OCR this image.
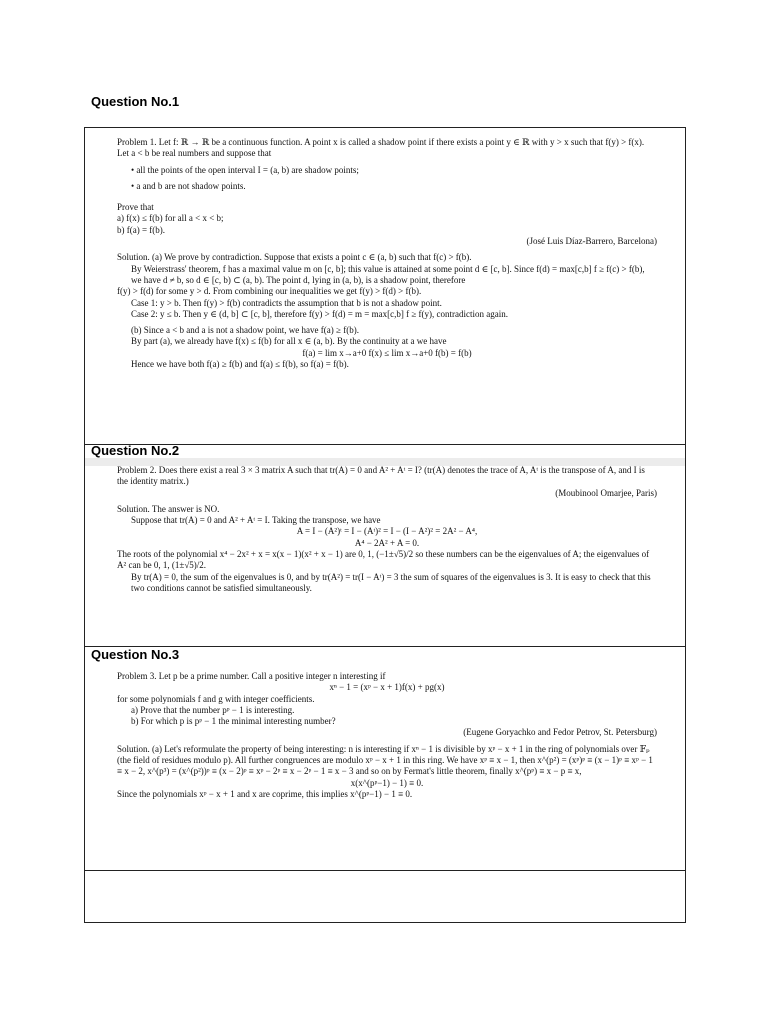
Question No.1

Problem 1. Let f: ℝ → ℝ be a continuous function. A point x is called a shadow point if there exists a point y ∈ ℝ with y > x such that f(y) > f(x). Let a < b be real numbers and suppose that

• all the points of the open interval I = (a, b) are shadow points;

• a and b are not shadow points.

Prove that

a) f(x) ≤ f(b) for all a < x < b;

b) f(a) = f(b).

(José Luis Díaz-Barrero, Barcelona)

Solution. (a) We prove by contradiction. Suppose that exists a point c ∈ (a, b) such that f(c) > f(b).

By Weierstrass' theorem, f has a maximal value m on [c, b]; this value is attained at some point d ∈ [c, b]. Since f(d) = max[c,b] f ≥ f(c) > f(b), we have d ≠ b, so d ∈ [c, b) ⊂ (a, b). The point d, lying in (a, b), is a shadow point, therefore

f(y) > f(d) for some y > d. From combining our inequalities we get f(y) > f(d) > f(b).

Case 1: y > b. Then f(y) > f(b) contradicts the assumption that b is not a shadow point.

Case 2: y ≤ b. Then y ∈ (d, b] ⊂ [c, b], therefore f(y) > f(d) = m = max[c,b] f ≥ f(y), contradiction again.

(b) Since a < b and a is not a shadow point, we have f(a) ≥ f(b).

By part (a), we already have f(x) ≤ f(b) for all x ∈ (a, b). By the continuity at a we have

f(a) = lim x→a+0 f(x) ≤ lim x→a+0 f(b) = f(b)

Hence we have both f(a) ≥ f(b) and f(a) ≤ f(b), so f(a) = f(b).

Question No.2

Problem 2. Does there exist a real 3 × 3 matrix A such that tr(A) = 0 and A² + Aᵗ = I? (tr(A) denotes the trace of A, Aᵗ is the transpose of A, and I is the identity matrix.)

(Moubinool Omarjee, Paris)

Solution. The answer is NO.

Suppose that tr(A) = 0 and A² + Aᵗ = I. Taking the transpose, we have

A = I − (A²)ᵗ = I − (Aᵗ)² = I − (I − A²)² = 2A² − A⁴,

A⁴ − 2A² + A = 0.

The roots of the polynomial x⁴ − 2x² + x = x(x − 1)(x² + x − 1) are 0, 1, (−1±√5)/2 so these numbers can be the eigenvalues of A; the eigenvalues of A² can be 0, 1, (1±√5)/2.

By tr(A) = 0, the sum of the eigenvalues is 0, and by tr(A²) = tr(I − Aᵗ) = 3 the sum of squares of the eigenvalues is 3. It is easy to check that this two conditions cannot be satisfied simultaneously.

Question No.3

Problem 3. Let p be a prime number. Call a positive integer n interesting if

xⁿ − 1 = (xᵖ − x + 1)f(x) + pg(x)

for some polynomials f and g with integer coefficients.

a) Prove that the number pᵖ − 1 is interesting.

b) For which p is pᵖ − 1 the minimal interesting number?

(Eugene Goryachko and Fedor Petrov, St. Petersburg)

Solution. (a) Let's reformulate the property of being interesting: n is interesting if xⁿ − 1 is divisible by xᵖ − x + 1 in the ring of polynomials over 𝔽ₚ (the field of residues modulo p). All further congruences are modulo xᵖ − x + 1 in this ring. We have xᵖ ≡ x − 1, then x^(p²) = (xᵖ)ᵖ ≡ (x − 1)ᵖ ≡ xᵖ − 1 ≡ x − 2, x^(p³) = (x^(p²))ᵖ ≡ (x − 2)ᵖ ≡ xᵖ − 2ᵖ ≡ x − 2ᵖ − 1 ≡ x − 3 and so on by Fermat's little theorem, finally x^(pᵖ) ≡ x − p ≡ x,

x(x^(pᵖ−1) − 1) ≡ 0.

Since the polynomials xᵖ − x + 1 and x are coprime, this implies x^(pᵖ−1) − 1 ≡ 0.
